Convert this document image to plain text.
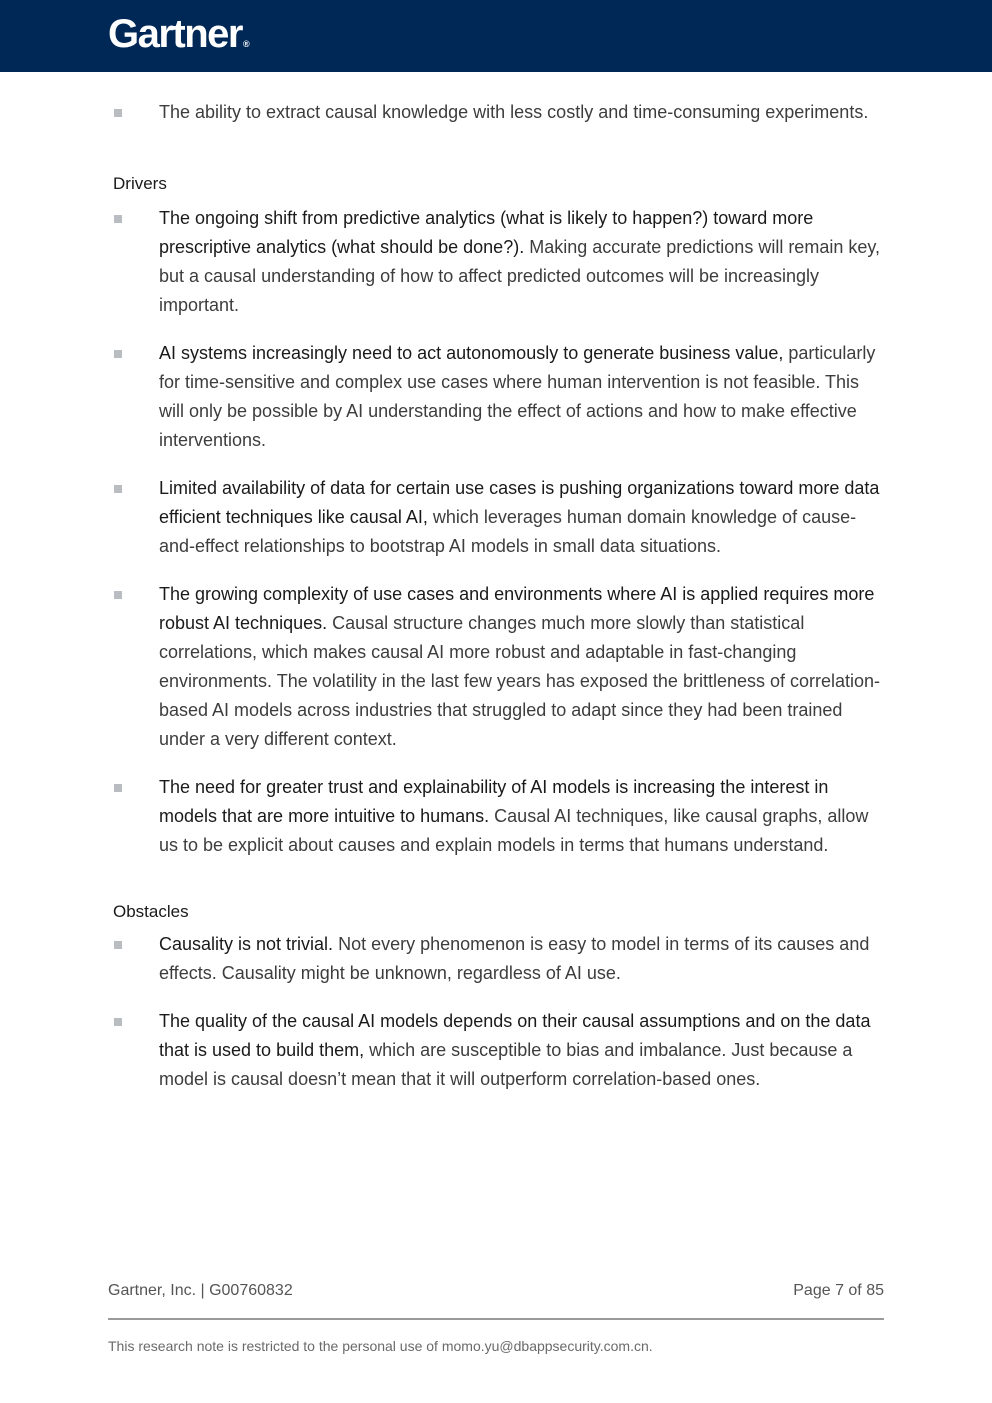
Gartner®
The ability to extract causal knowledge with less costly and time-consuming experiments.
Drivers
The ongoing shift from predictive analytics (what is likely to happen?) toward more prescriptive analytics (what should be done?). Making accurate predictions will remain key, but a causal understanding of how to affect predicted outcomes will be increasingly important.
AI systems increasingly need to act autonomously to generate business value, particularly for time-sensitive and complex use cases where human intervention is not feasible. This will only be possible by AI understanding the effect of actions and how to make effective interventions.
Limited availability of data for certain use cases is pushing organizations toward more data efficient techniques like causal AI, which leverages human domain knowledge of cause-and-effect relationships to bootstrap AI models in small data situations.
The growing complexity of use cases and environments where AI is applied requires more robust AI techniques. Causal structure changes much more slowly than statistical correlations, which makes causal AI more robust and adaptable in fast-changing environments. The volatility in the last few years has exposed the brittleness of correlation-based AI models across industries that struggled to adapt since they had been trained under a very different context.
The need for greater trust and explainability of AI models is increasing the interest in models that are more intuitive to humans. Causal AI techniques, like causal graphs, allow us to be explicit about causes and explain models in terms that humans understand.
Obstacles
Causality is not trivial. Not every phenomenon is easy to model in terms of its causes and effects. Causality might be unknown, regardless of AI use.
The quality of the causal AI models depends on their causal assumptions and on the data that is used to build them, which are susceptible to bias and imbalance. Just because a model is causal doesn’t mean that it will outperform correlation-based ones.
Gartner, Inc. | G00760832	Page 7 of 85
This research note is restricted to the personal use of momo.yu@dbappsecurity.com.cn.
